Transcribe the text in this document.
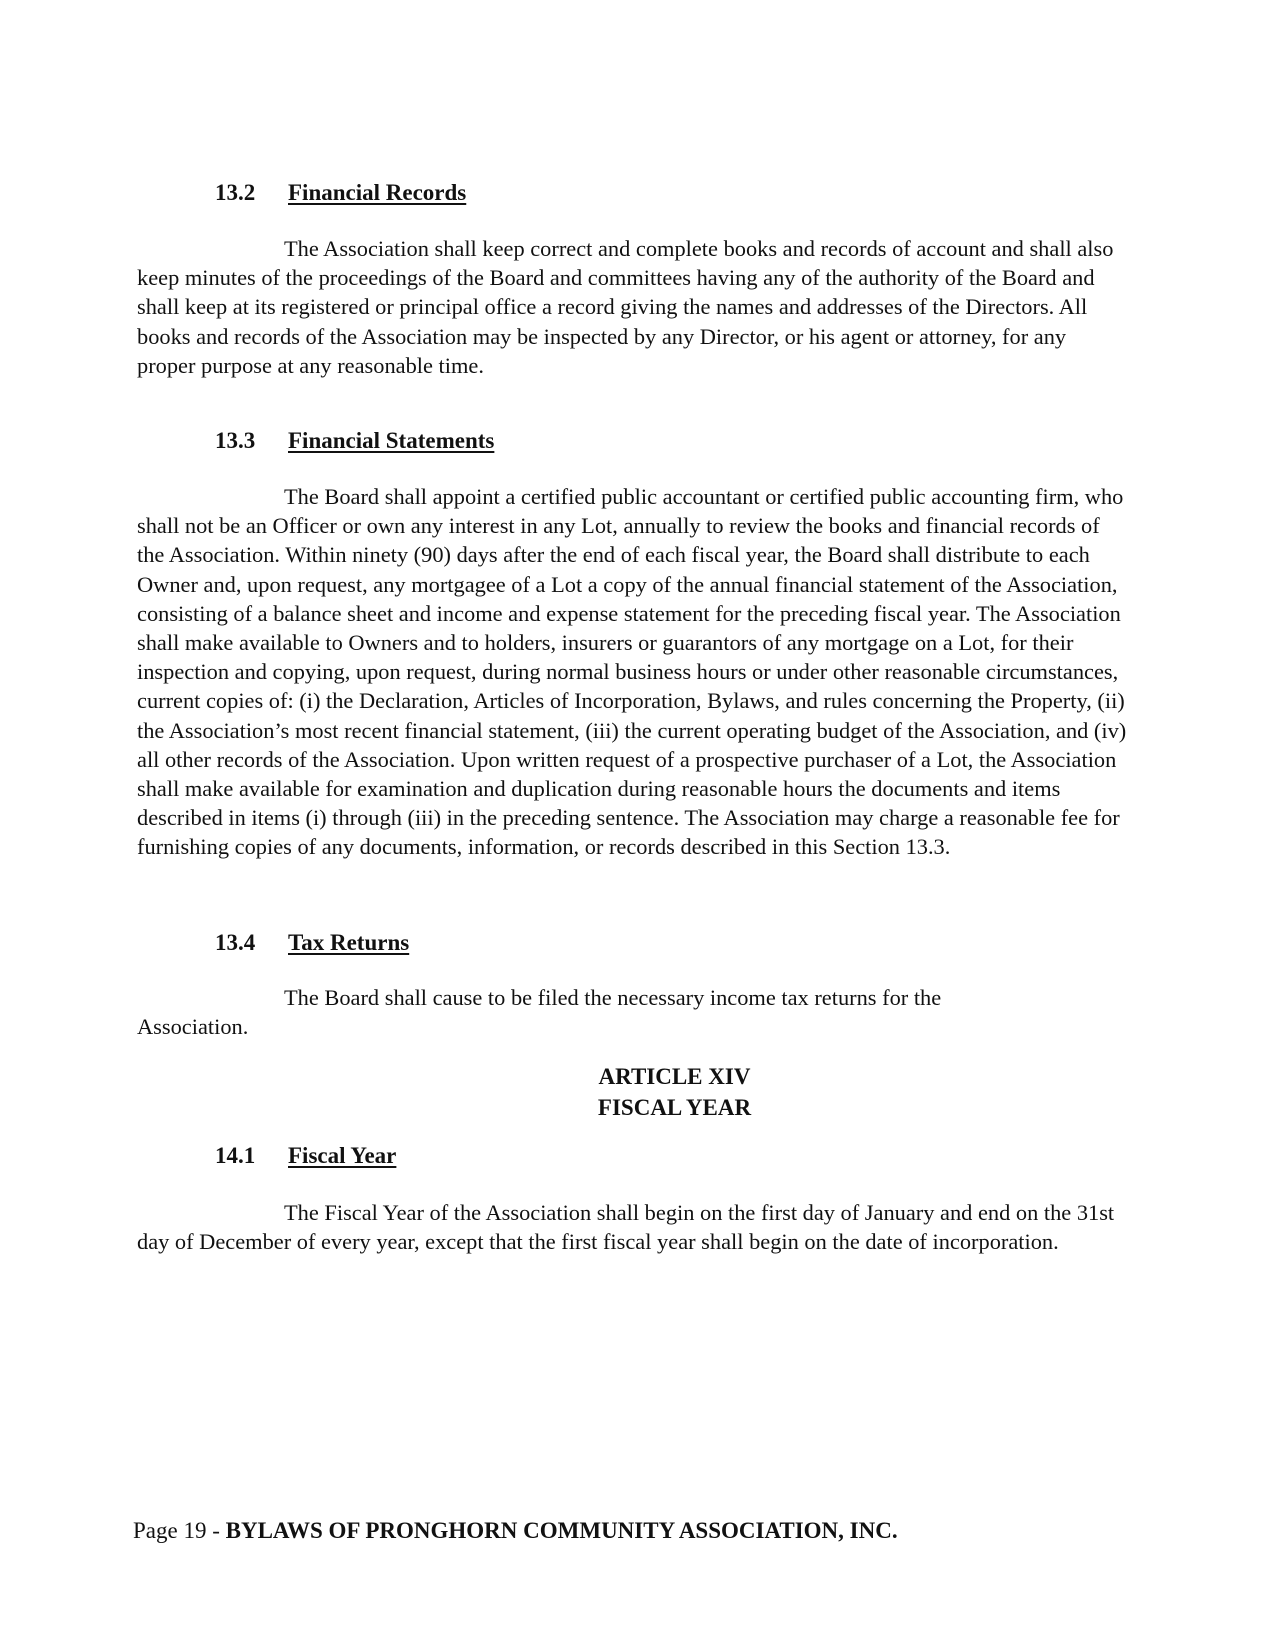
13.2 Financial Records
The Association shall keep correct and complete books and records of account and shall also keep minutes of the proceedings of the Board and committees having any of the authority of the Board and shall keep at its registered or principal office a record giving the names and addresses of the Directors. All books and records of the Association may be inspected by any Director, or his agent or attorney, for any proper purpose at any reasonable time.
13.3 Financial Statements
The Board shall appoint a certified public accountant or certified public accounting firm, who shall not be an Officer or own any interest in any Lot, annually to review the books and financial records of the Association. Within ninety (90) days after the end of each fiscal year, the Board shall distribute to each Owner and, upon request, any mortgagee of a Lot a copy of the annual financial statement of the Association, consisting of a balance sheet and income and expense statement for the preceding fiscal year. The Association shall make available to Owners and to holders, insurers or guarantors of any mortgage on a Lot, for their inspection and copying, upon request, during normal business hours or under other reasonable circumstances, current copies of: (i) the Declaration, Articles of Incorporation, Bylaws, and rules concerning the Property, (ii) the Association’s most recent financial statement, (iii) the current operating budget of the Association, and (iv) all other records of the Association. Upon written request of a prospective purchaser of a Lot, the Association shall make available for examination and duplication during reasonable hours the documents and items described in items (i) through (iii) in the preceding sentence. The Association may charge a reasonable fee for furnishing copies of any documents, information, or records described in this Section 13.3.
13.4 Tax Returns
The Board shall cause to be filed the necessary income tax returns for the Association.
ARTICLE XIV
FISCAL YEAR
14.1 Fiscal Year
The Fiscal Year of the Association shall begin on the first day of January and end on the 31st day of December of every year, except that the first fiscal year shall begin on the date of incorporation.
Page 19 - BYLAWS OF PRONGHORN COMMUNITY ASSOCIATION, INC.
